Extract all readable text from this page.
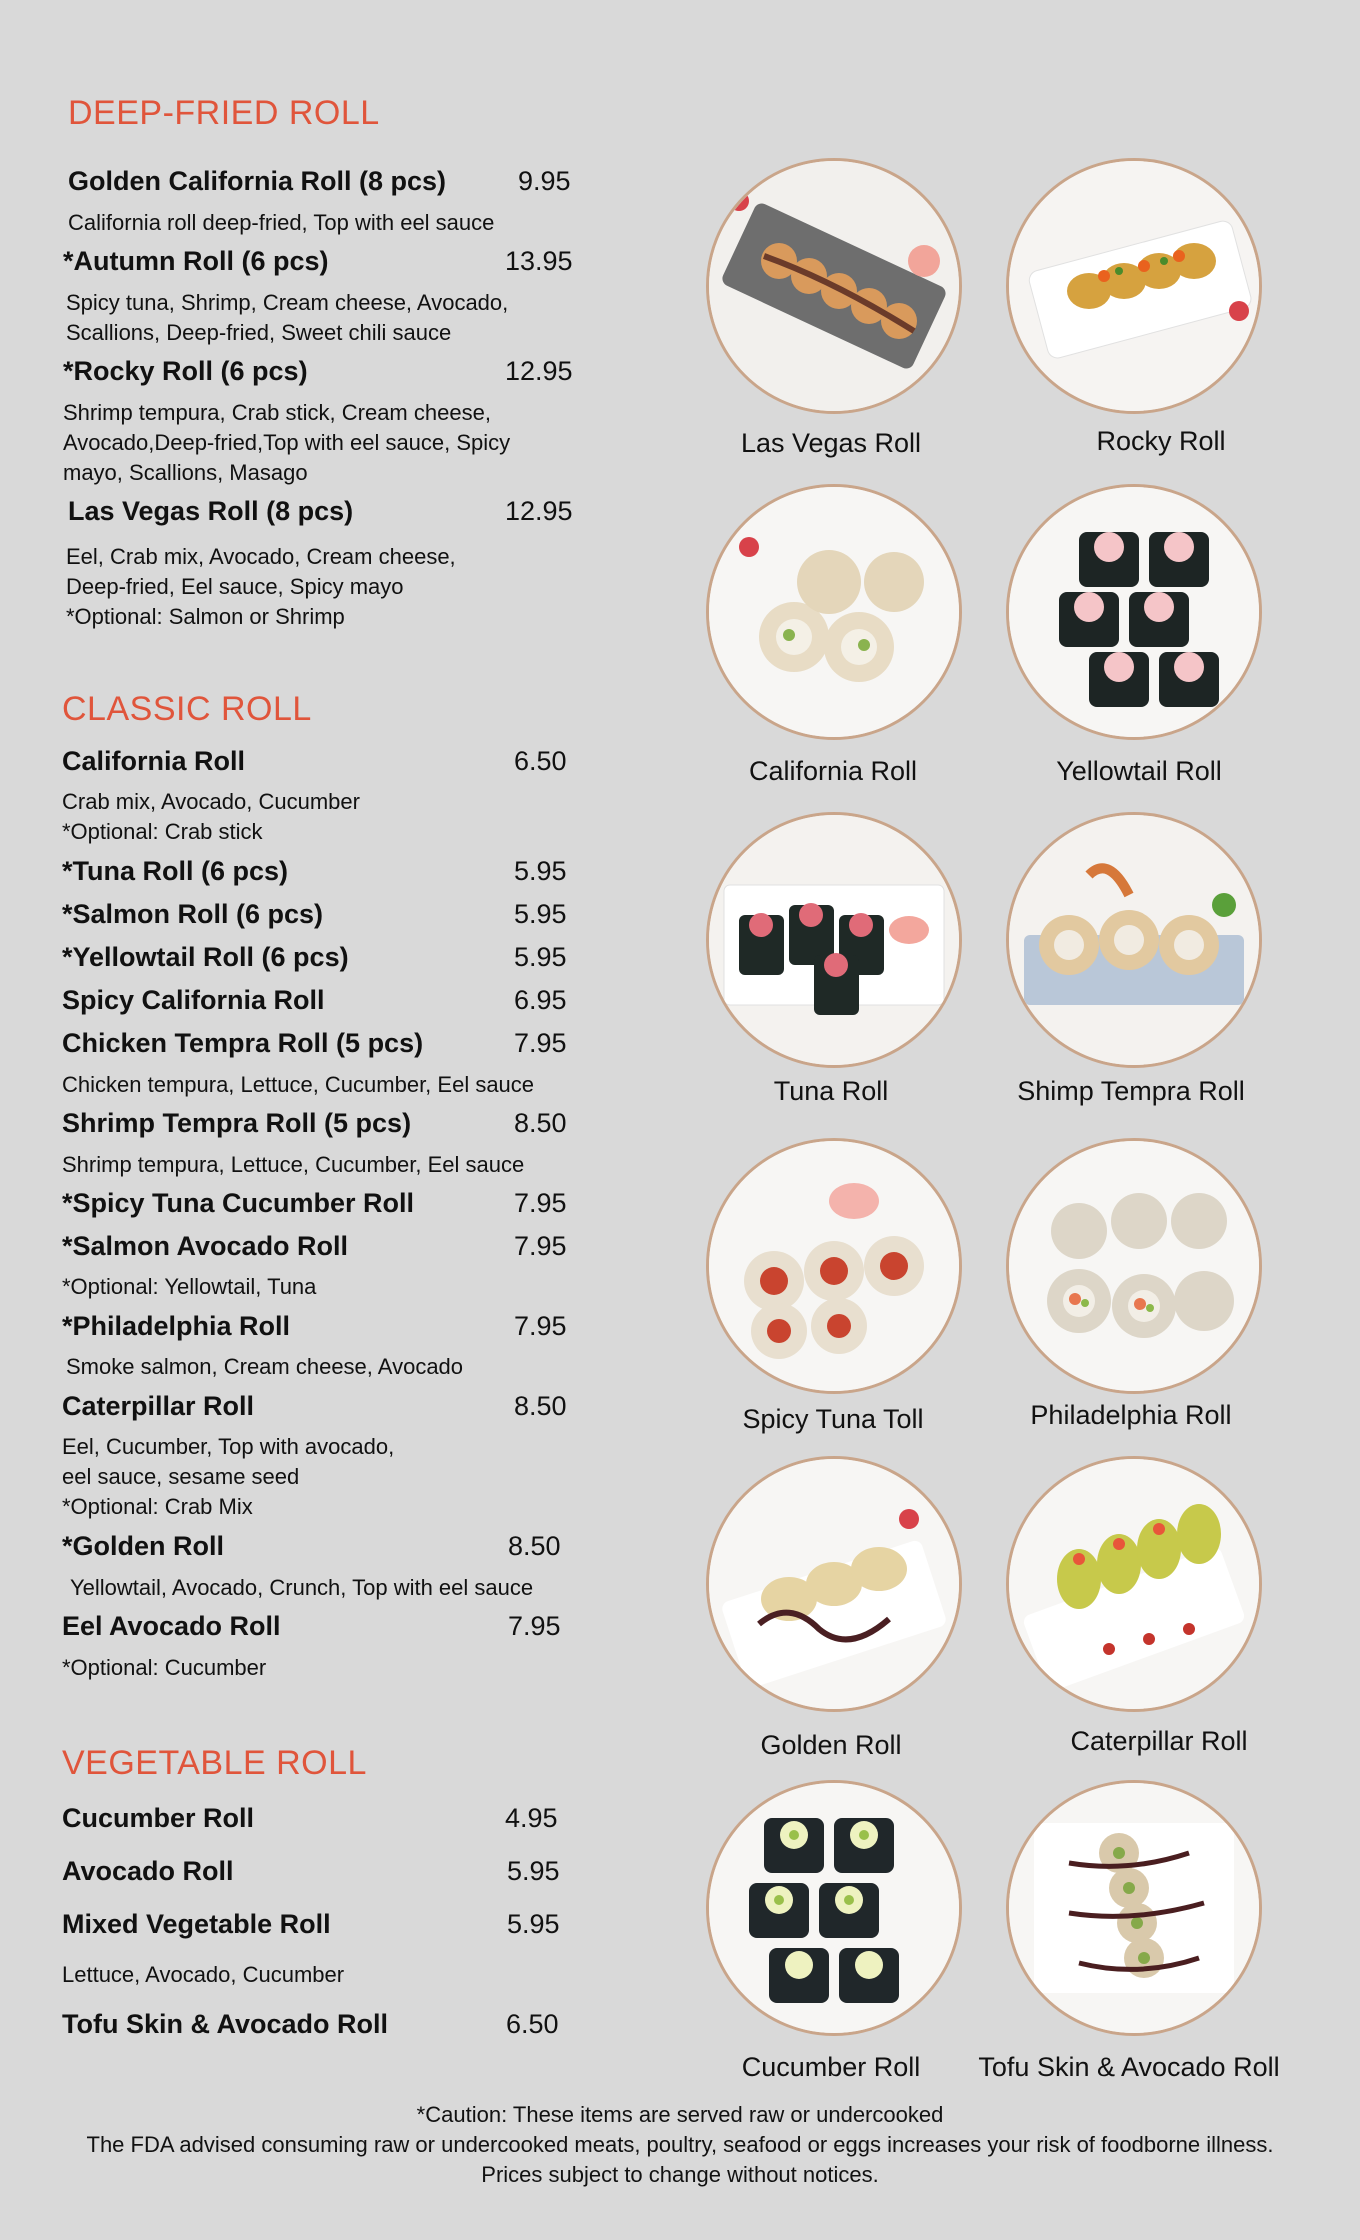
DEEP-FRIED ROLL
Golden California Roll (8 pcs)	9.95
California roll deep-fried, Top with eel sauce
*Autumn Roll (6 pcs)	13.95
Spicy tuna, Shrimp, Cream cheese, Avocado,
Scallions, Deep-fried, Sweet chili sauce
*Rocky Roll (6 pcs)	12.95
Shrimp tempura, Crab stick, Cream cheese,
Avocado,Deep-fried,Top with eel sauce, Spicy
mayo, Scallions, Masago
Las Vegas Roll (8 pcs)	12.95
Eel, Crab mix, Avocado, Cream cheese,
Deep-fried, Eel sauce, Spicy mayo
*Optional: Salmon or Shrimp
CLASSIC ROLL
California Roll	6.50
Crab mix, Avocado, Cucumber
*Optional: Crab stick
*Tuna Roll (6 pcs)	5.95
*Salmon Roll (6 pcs)	5.95
*Yellowtail Roll (6 pcs)	5.95
Spicy California Roll	6.95
Chicken Tempra Roll (5 pcs)	7.95
Chicken tempura, Lettuce, Cucumber, Eel sauce
Shrimp Tempra Roll (5 pcs)	8.50
Shrimp tempura, Lettuce, Cucumber, Eel sauce
*Spicy Tuna Cucumber Roll	7.95
*Salmon Avocado Roll	7.95
*Optional: Yellowtail, Tuna
*Philadelphia Roll	7.95
Smoke salmon, Cream cheese, Avocado
Caterpillar Roll	8.50
Eel, Cucumber, Top with avocado,
eel sauce, sesame seed
*Optional: Crab Mix
*Golden Roll	8.50
Yellowtail, Avocado, Crunch, Top with eel sauce
Eel Avocado Roll	7.95
*Optional: Cucumber
VEGETABLE ROLL
Cucumber Roll	4.95
Avocado Roll	5.95
Mixed Vegetable Roll	5.95
Lettuce, Avocado, Cucumber
Tofu Skin & Avocado Roll	6.50
Las Vegas Roll	Rocky Roll
California Roll	Yellowtail Roll
Tuna Roll	Shimp Tempra Roll
Spicy Tuna Toll	Philadelphia Roll
Golden Roll	Caterpillar Roll
Cucumber Roll	Tofu Skin & Avocado Roll
*Caution: These items are served raw or undercooked
The FDA advised consuming raw or undercooked meats, poultry, seafood or eggs increases your risk of foodborne illness.
Prices subject to change without notices.
